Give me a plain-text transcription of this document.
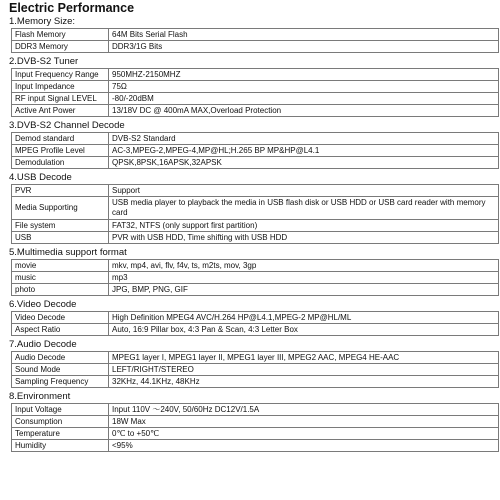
Electric Performance
1.Memory Size:
Flash Memory	64M Bits Serial Flash
DDR3 Memory	DDR3/1G Bits
2.DVB-S2 Tuner
Input Frequency Range	950MHZ-2150MHZ
Input Impedance	75Ω
RF input Signal LEVEL	-80/-20dBM
Active Ant Power	13/18V DC @ 400mA MAX,Overload Protection
3.DVB-S2 Channel Decode
Demod standard	DVB-S2 Standard
MPEG Profile Level	AC-3,MPEG-2,MPEG-4,MP@HL;H.265 BP MP&HP@L4.1
Demodulation	QPSK,8PSK,16APSK,32APSK
4.USB Decode
PVR	Support
Media Supporting	USB media player to playback the media in USB flash disk or USB HDD or USB card reader with memory card
File system	FAT32, NTFS (only support first partition)
USB	PVR with USB HDD, Time shifting with USB HDD
5.Multimedia support format
movie	mkv, mp4, avi, flv, f4v, ts, m2ts, mov, 3gp
music	mp3
photo	JPG, BMP, PNG, GIF
6.Video Decode
Video Decode	High Definition MPEG4 AVC/H.264 HP@L4.1,MPEG-2 MP@HL/ML
Aspect Ratio	Auto, 16:9 Pillar box, 4:3 Pan & Scan, 4:3 Letter Box
7.Audio Decode
Audio Decode	MPEG1 layer I, MPEG1 layer II, MPEG1 layer III, MPEG2 AAC, MPEG4 HE-AAC
Sound Mode	LEFT/RIGHT/STEREO
Sampling Frequency	32KHz, 44.1KHz, 48KHz
8.Environment
Input Voltage	Input 110V ～240V, 50/60Hz DC12V/1.5A
Consumption	18W Max
Temperature	0℃ to +50℃
Humidity	<95%
